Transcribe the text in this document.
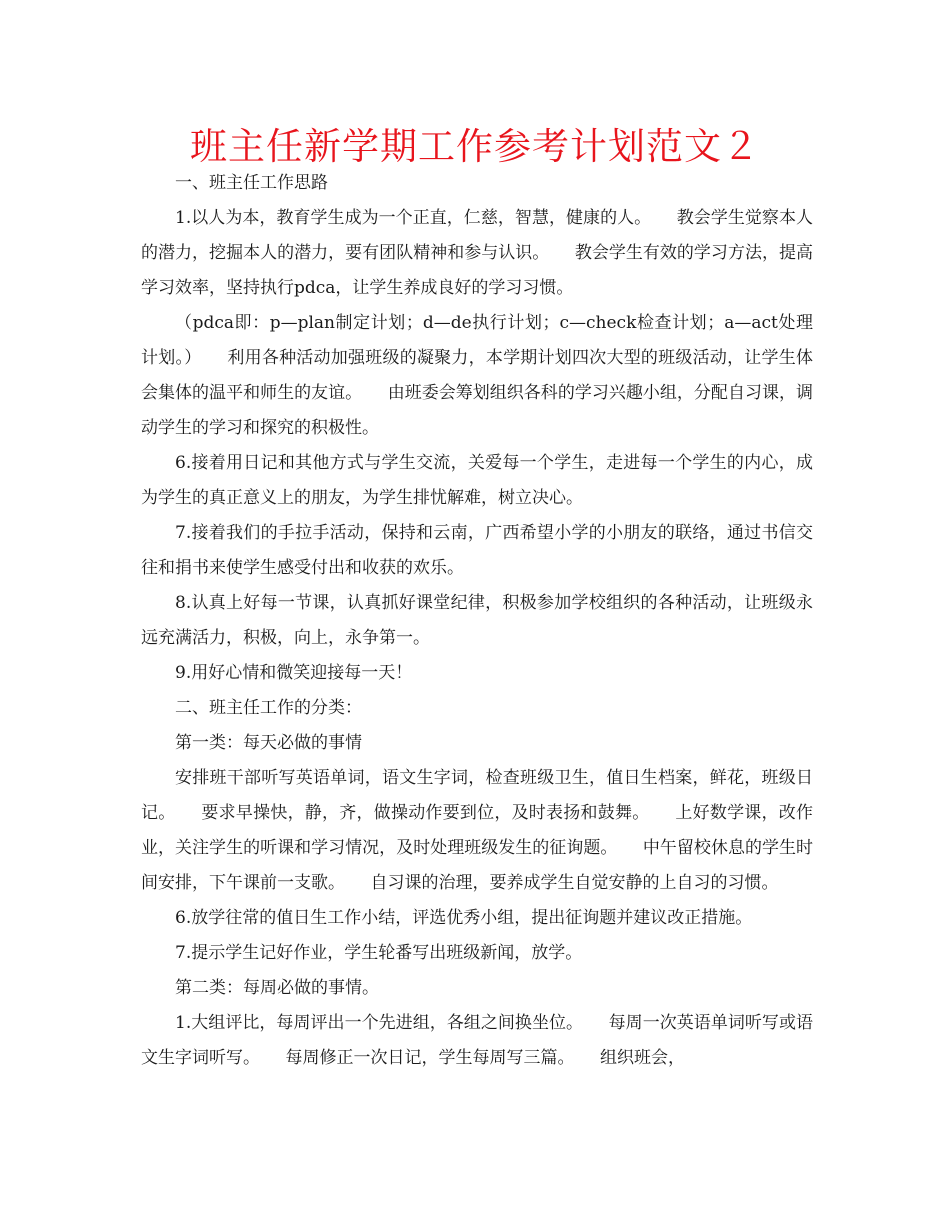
班主任新学期工作参考计划范文２

一、班主任工作思路

1.以人为本，教育学生成为一个正直，仁慈，智慧，健康的人。　　教会学生觉察本人的潜力，挖掘本人的潜力，要有团队精神和参与认识。　　教会学生有效的学习方法，提高学习效率，坚持执行pdca，让学生养成良好的学习习惯。

（pdca即：p—plan制定计划；d—de执行计划；c—check检查计划；a—act处理计划。）　　利用各种活动加强班级的凝聚力，本学期计划四次大型的班级活动，让学生体会集体的温平和师生的友谊。　　由班委会筹划组织各科的学习兴趣小组，分配自习课，调动学生的学习和探究的积极性。

6.接着用日记和其他方式与学生交流，关爱每一个学生，走进每一个学生的内心，成为学生的真正意义上的朋友，为学生排忧解难，树立决心。

7.接着我们的手拉手活动，保持和云南，广西希望小学的小朋友的联络，通过书信交往和捐书来使学生感受付出和收获的欢乐。

8.认真上好每一节课，认真抓好课堂纪律，积极参加学校组织的各种活动，让班级永远充满活力，积极，向上，永争第一。

9.用好心情和微笑迎接每一天！

二、班主任工作的分类：

第一类：每天必做的事情

安排班干部听写英语单词，语文生字词，检查班级卫生，值日生档案，鲜花，班级日记。　　要求早操快，静，齐，做操动作要到位，及时表扬和鼓舞。　　上好数学课，改作业，关注学生的听课和学习情况，及时处理班级发生的征询题。　　中午留校休息的学生时间安排，下午课前一支歌。　　自习课的治理，要养成学生自觉安静的上自习的习惯。

6.放学往常的值日生工作小结，评选优秀小组，提出征询题并建议改正措施。

7.提示学生记好作业，学生轮番写出班级新闻，放学。

第二类：每周必做的事情。

1.大组评比，每周评出一个先进组，各组之间换坐位。　　每周一次英语单词听写或语文生字词听写。　　每周修正一次日记，学生每周写三篇。　　组织班会，
